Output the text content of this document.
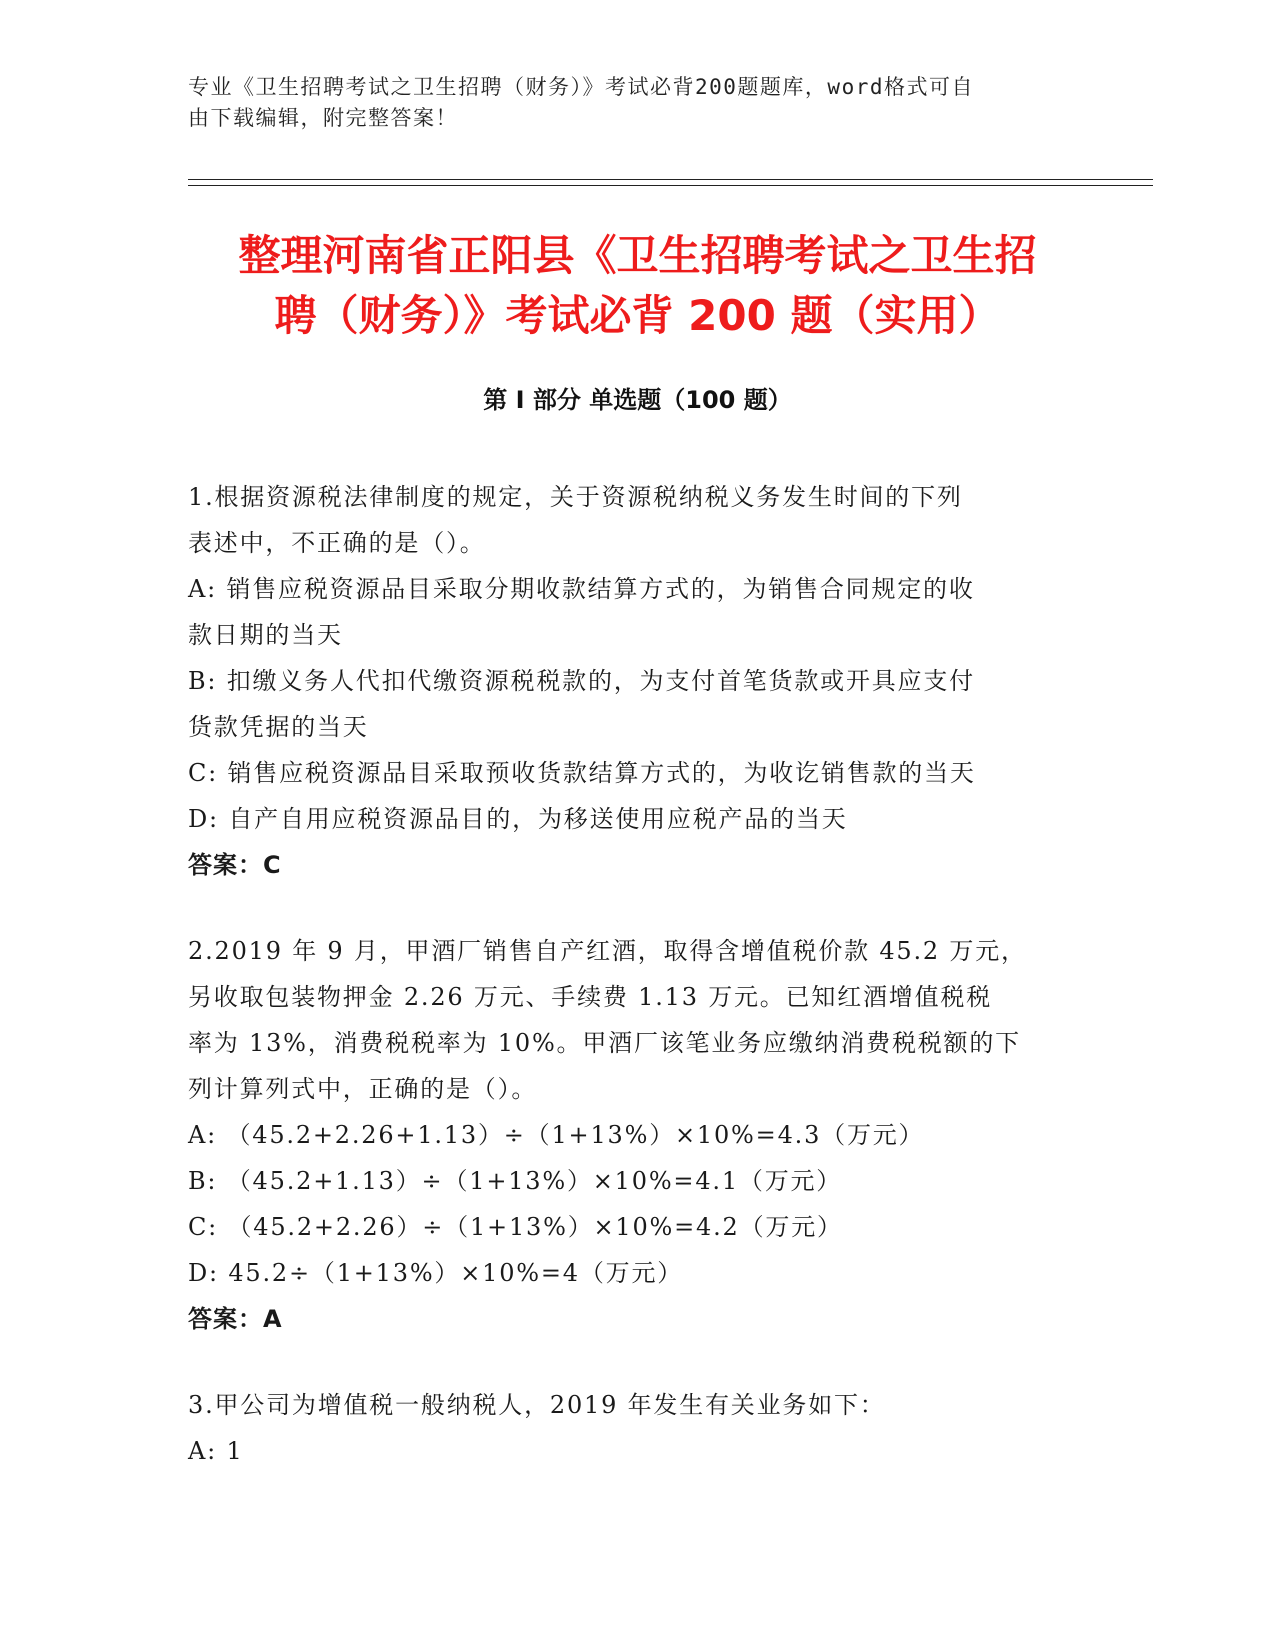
专业《卫生招聘考试之卫生招聘（财务）》考试必背200题题库，word格式可自

由下载编辑，附完整答案！

整理河南省正阳县《卫生招聘考试之卫生招

聘（财务）》考试必背 200 题（实用）

第 I 部分 单选题（100 题）

1.根据资源税法律制度的规定，关于资源税纳税义务发生时间的下列

表述中，不正确的是（）。

A: 销售应税资源品目采取分期收款结算方式的，为销售合同规定的收

款日期的当天

B: 扣缴义务人代扣代缴资源税税款的，为支付首笔货款或开具应支付

货款凭据的当天

C: 销售应税资源品目采取预收货款结算方式的，为收讫销售款的当天

D: 自产自用应税资源品目的，为移送使用应税产品的当天

答案：C

2.2019 年 9 月，甲酒厂销售自产红酒，取得含增值税价款 45.2 万元，

另收取包装物押金 2.26 万元、手续费 1.13 万元。已知红酒增值税税

率为 13%，消费税税率为 10%。甲酒厂该笔业务应缴纳消费税税额的下

列计算列式中，正确的是（）。

A: （45.2+2.26+1.13）÷（1+13%）×10%=4.3（万元）

B: （45.2+1.13）÷（1+13%）×10%=4.1（万元）

C: （45.2+2.26）÷（1+13%）×10%=4.2（万元）

D: 45.2÷（1+13%）×10%=4（万元）

答案：A

3.甲公司为增值税一般纳税人，2019 年发生有关业务如下：

A: 1
